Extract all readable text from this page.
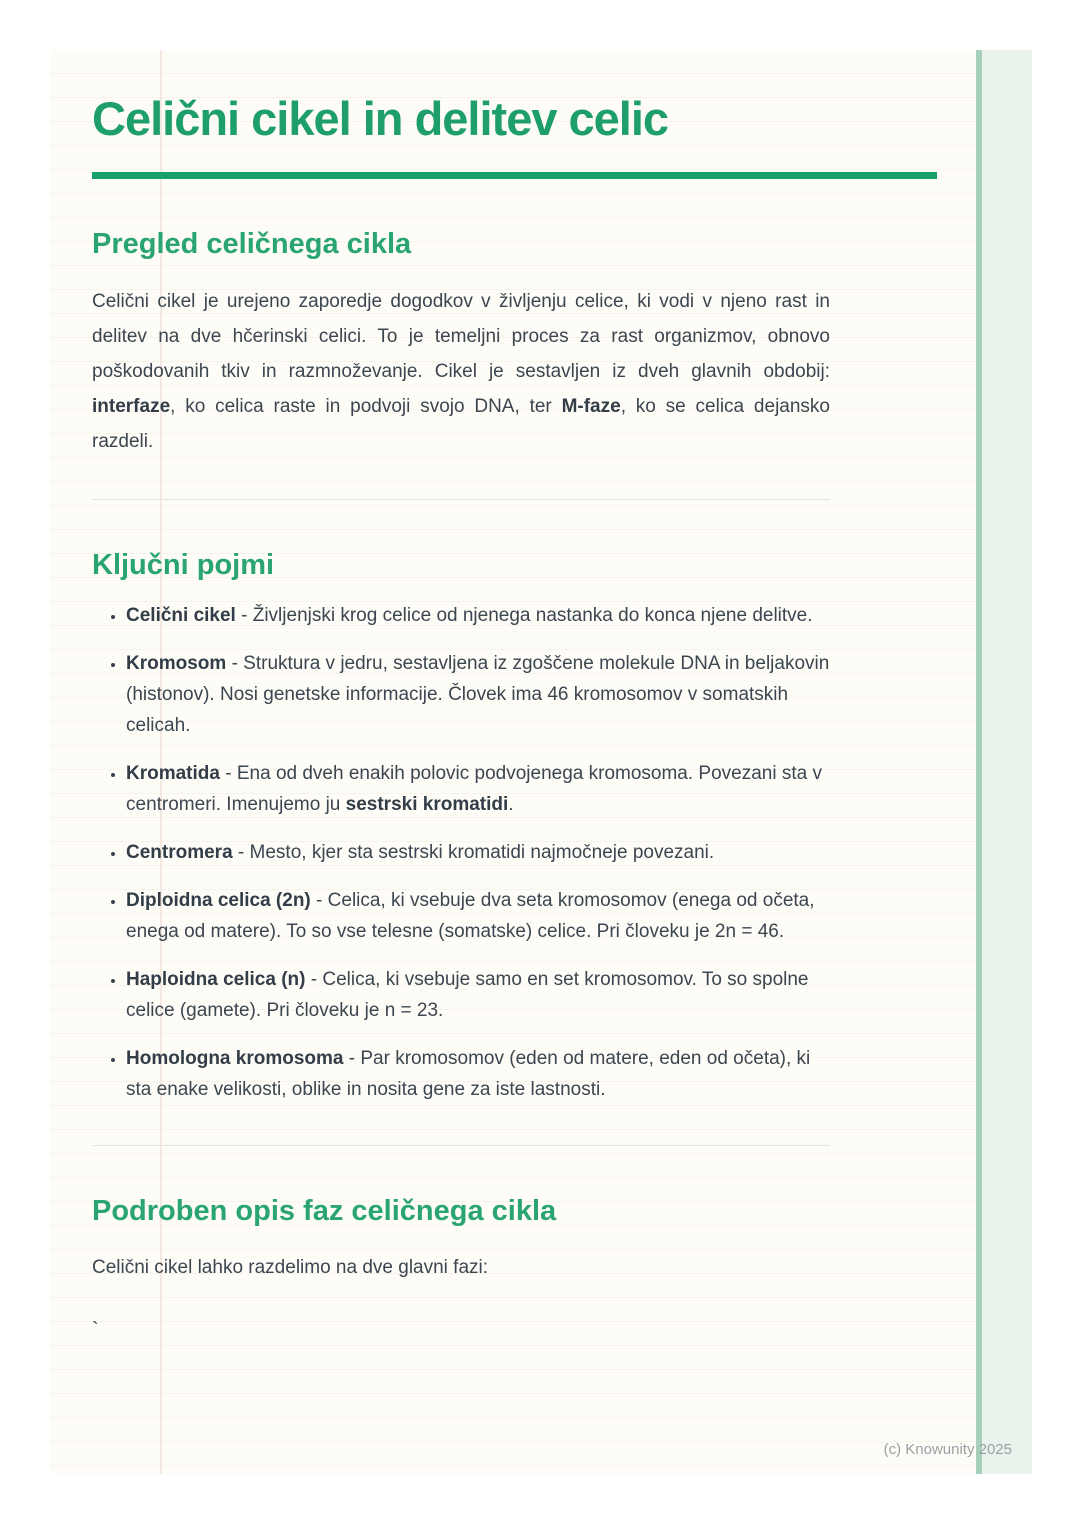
Celični cikel in delitev celic
Pregled celičnega cikla

Celični cikel je urejeno zaporedje dogodkov v življenju celice, ki vodi v njeno rast in delitev na dve hčerinski celici. To je temeljni proces za rast organizmov, obnovo poškodovanih tkiv in razmnoževanje. Cikel je sestavljen iz dveh glavnih obdobij: interfaze, ko celica raste in podvoji svojo DNA, ter M-faze, ko se celica dejansko razdeli.

Ključni pojmi
• Celični cikel - Življenjski krog celice od njenega nastanka do konca njene delitve.
• Kromosom - Struktura v jedru, sestavljena iz zgoščene molekule DNA in beljakovin (histonov). Nosi genetske informacije. Človek ima 46 kromosomov v somatskih celicah.
• Kromatida - Ena od dveh enakih polovic podvojenega kromosoma. Povezani sta v centromeri. Imenujemo ju sestrski kromatidi.
• Centromera - Mesto, kjer sta sestrski kromatidi najmočneje povezani.
• Diploidna celica (2n) - Celica, ki vsebuje dva seta kromosomov (enega od očeta, enega od matere). To so vse telesne (somatske) celice. Pri človeku je 2n = 46.
• Haploidna celica (n) - Celica, ki vsebuje samo en set kromosomov. To so spolne celice (gamete). Pri človeku je n = 23.
• Homologna kromosoma - Par kromosomov (eden od matere, eden od očeta), ki sta enake velikosti, oblike in nosita gene za iste lastnosti.
Podroben opis faz celičnega cikla

Celični cikel lahko razdelimo na dve glavni fazi:

`
(c) Knowunity 2025
